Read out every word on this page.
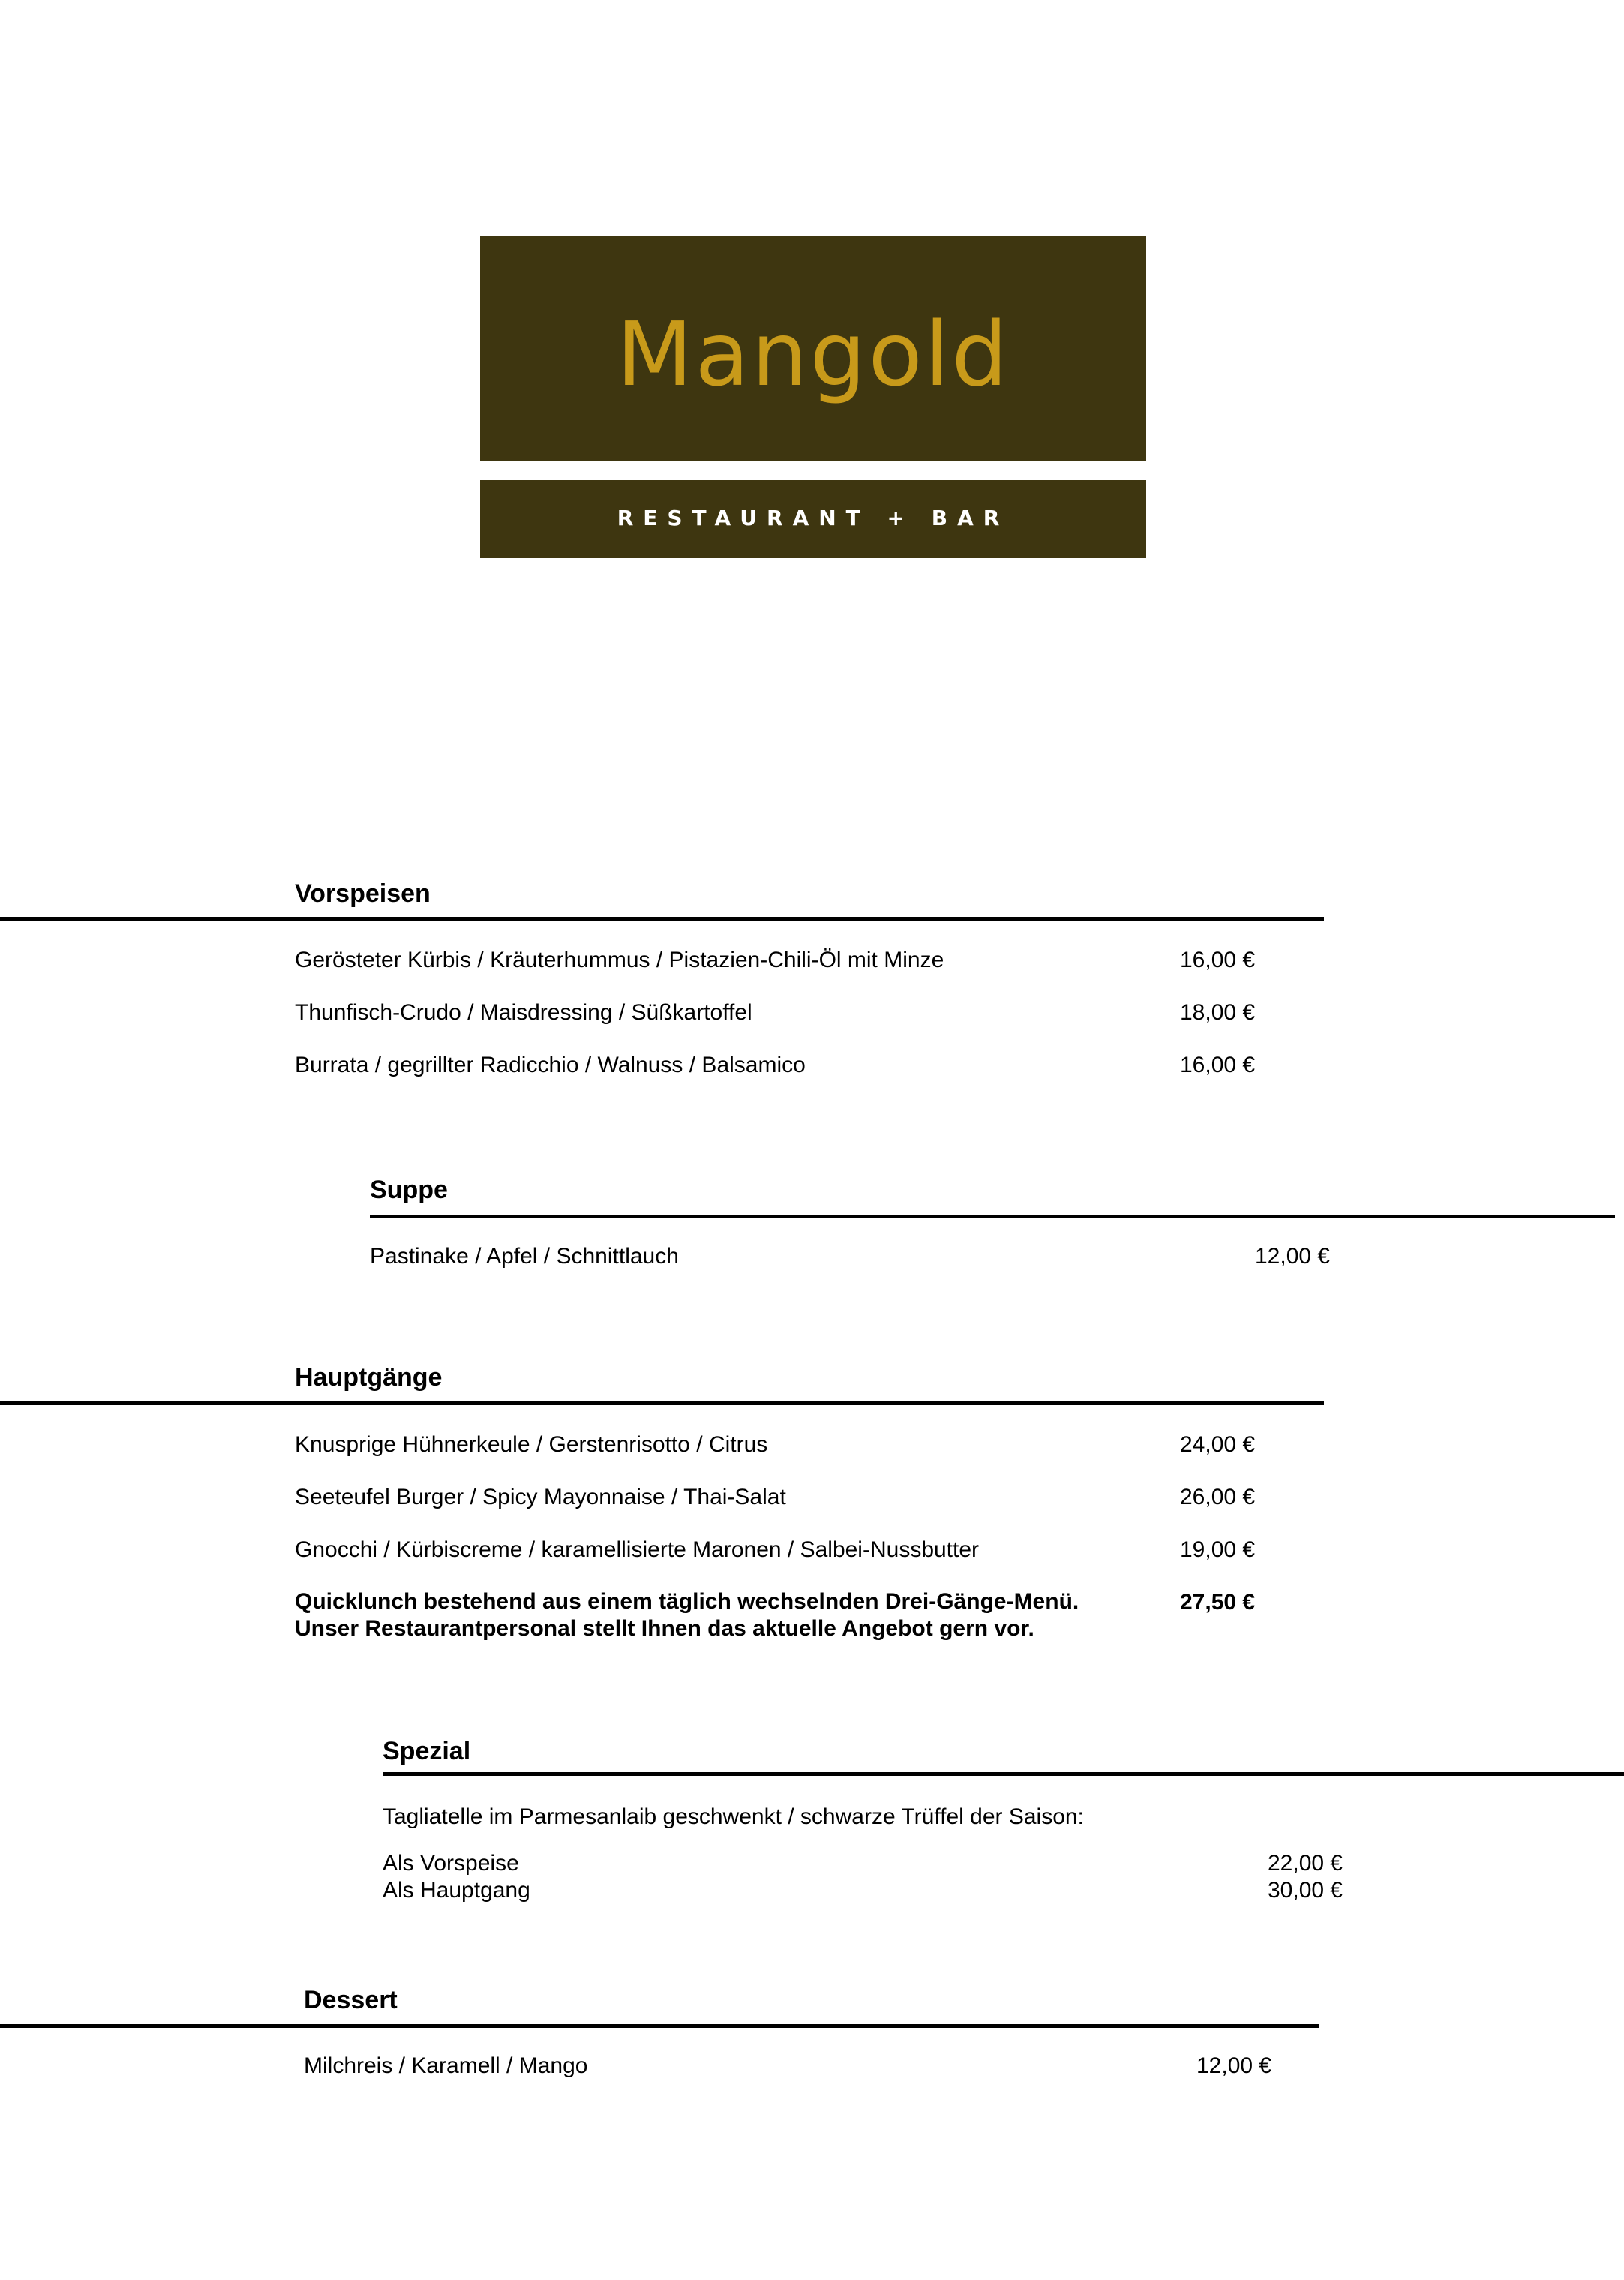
Mangold
RESTAURANT + BAR
Vorspeisen
Gerösteter Kürbis / Kräuterhummus / Pistazien-Chili-Öl mit Minze	16,00 €
Thunfisch-Crudo / Maisdressing / Süßkartoffel	18,00 €
Burrata / gegrillter Radicchio / Walnuss / Balsamico	16,00 €
Suppe
Pastinake / Apfel / Schnittlauch	12,00 €
Hauptgänge
Knusprige Hühnerkeule / Gerstenrisotto / Citrus	24,00 €
Seeteufel Burger / Spicy Mayonnaise / Thai-Salat	26,00 €
Gnocchi / Kürbiscreme / karamellisierte Maronen / Salbei-Nussbutter	19,00 €
Quicklunch bestehend aus einem täglich wechselnden Drei-Gänge-Menü.
Unser Restaurantpersonal stellt Ihnen das aktuelle Angebot gern vor.
27,50 €
Spezial
Tagliatelle im Parmesanlaib geschwenkt / schwarze Trüffel der Saison:
Als Vorspeise	22,00 €
Als Hauptgang	30,00 €
Dessert
Milchreis / Karamell / Mango	12,00 €
